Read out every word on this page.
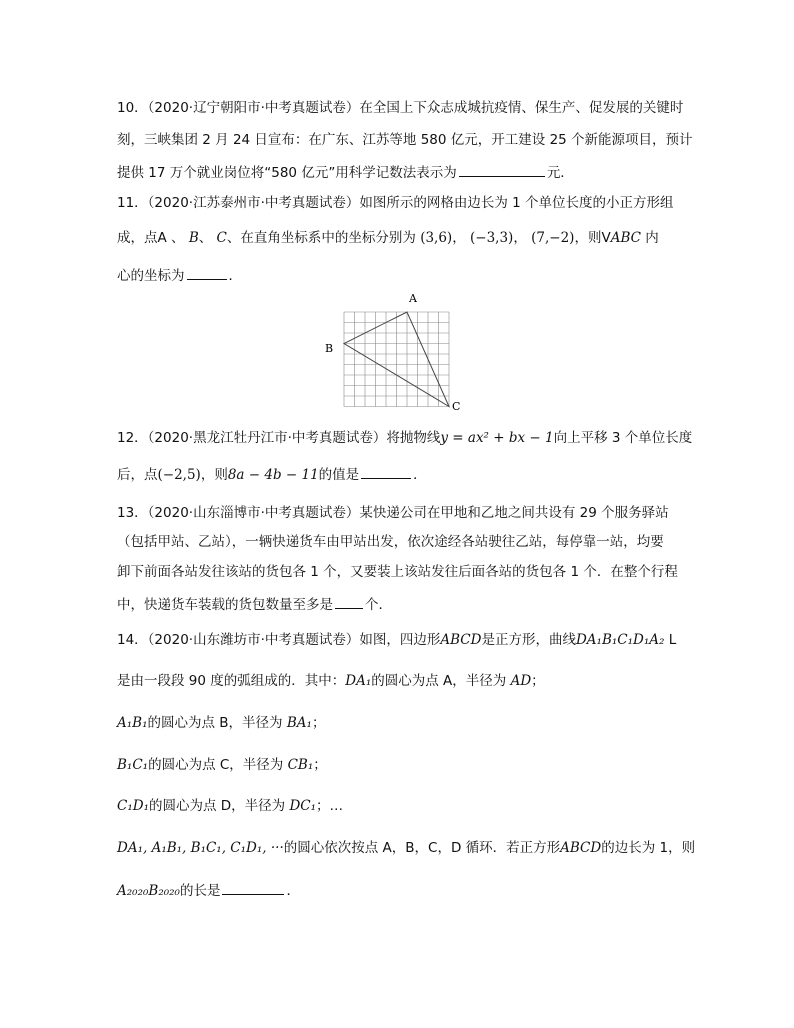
10．（2020·辽宁朝阳市·中考真题试卷）在全国上下众志成城抗疫情、保生产、促发展的关键时
刻，三峡集团 2 月 24 日宣布：在广东、江苏等地 580 亿元，开工建设 25 个新能源项目，预计
提供 17 万个就业岗位将“580 亿元”用科学记数法表示为	元．
11．（2020·江苏泰州市·中考真题试卷）如图所示的网格由边长为 1 个单位长度的小正方形组
成，点A 、 B、 C、在直角坐标系中的坐标分别为 (3,6)， (−3,3)， (7,−2)，则VABC 内
心的坐标为	．
A
B
C
12．（2020·黑龙江牡丹江市·中考真题试卷）将抛物线y = ax² + bx − 1向上平移 3 个单位长度
后，点(−2,5)，则8a − 4b − 11的值是	．
13．（2020·山东淄博市·中考真题试卷）某快递公司在甲地和乙地之间共设有 29 个服务驿站
（包括甲站、乙站），一辆快递货车由甲站出发，依次途经各站驶往乙站，每停靠一站，均要
卸下前面各站发往该站的货包各 1 个，又要装上该站发往后面各站的货包各 1 个．在整个行程
中，快递货车装载的货包数量至多是 个．
14．（2020·山东潍坊市·中考真题试卷）如图，四边形ABCD是正方形，曲线DA₁B₁C₁D₁A₂ L
是由一段段 90 度的弧组成的．其中：DA₁的圆心为点 A，半径为 AD；
A₁B₁的圆心为点 B，半径为 BA₁；
B₁C₁的圆心为点 C，半径为 CB₁；
C₁D₁的圆心为点 D，半径为 DC₁；…
DA₁, A₁B₁, B₁C₁, C₁D₁, ···的圆心依次按点 A，B，C，D 循环．若正方形ABCD的边长为 1，则
A₂₀₂₀B₂₀₂₀的长是	．
